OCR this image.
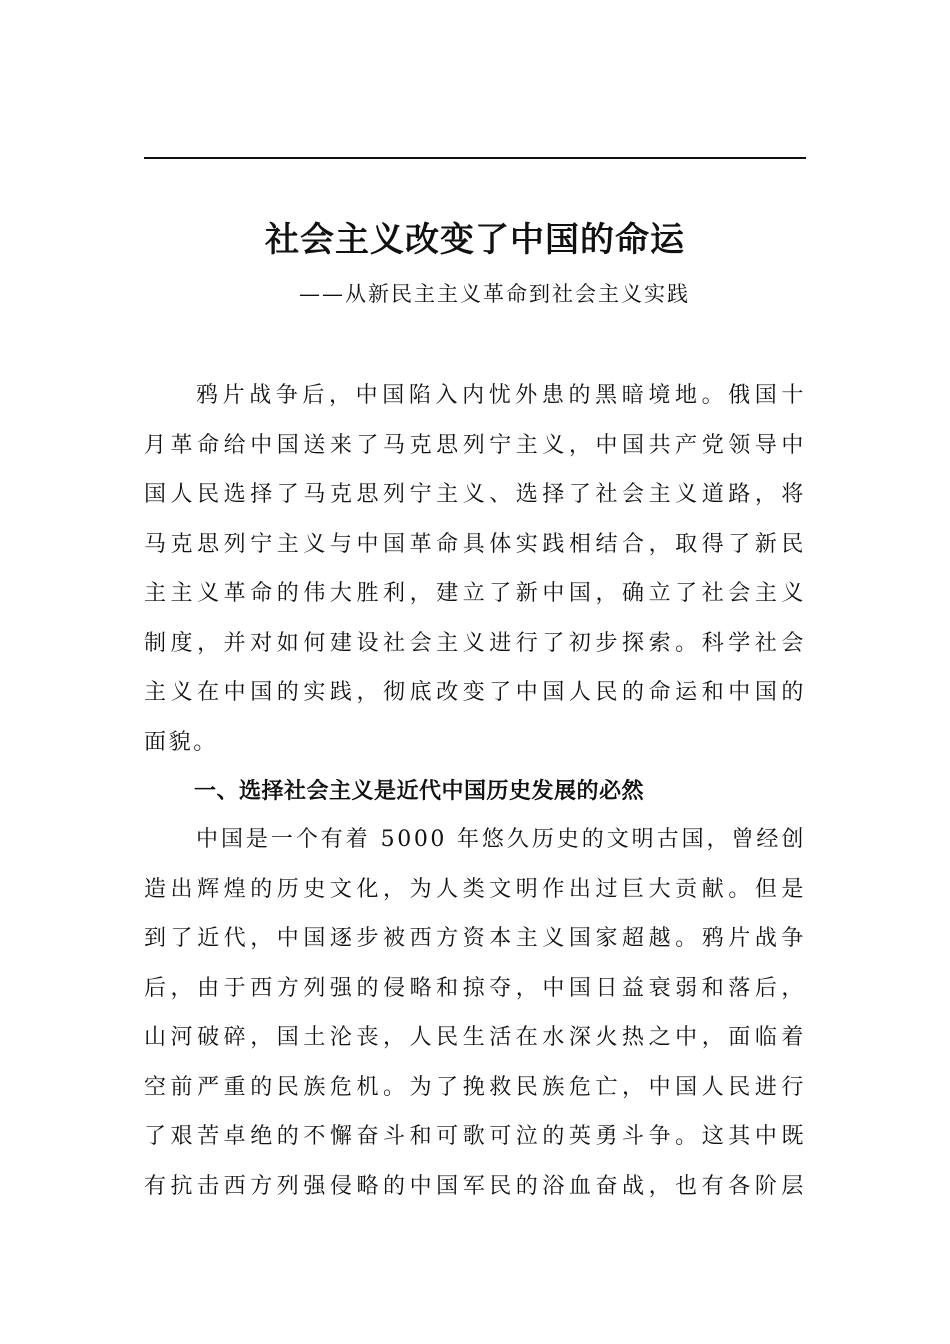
社会主义改变了中国的命运
——从新民主主义革命到社会主义实践
鸦片战争后，中国陷入内忧外患的黑暗境地。俄国十
月革命给中国送来了马克思列宁主义，中国共产党领导中
国人民选择了马克思列宁主义、选择了社会主义道路，将
马克思列宁主义与中国革命具体实践相结合，取得了新民
主主义革命的伟大胜利，建立了新中国，确立了社会主义
制度，并对如何建设社会主义进行了初步探索。科学社会
主义在中国的实践，彻底改变了中国人民的命运和中国的
面貌。
一、选择社会主义是近代中国历史发展的必然
中国是一个有着 5000 年悠久历史的文明古国，曾经创
造出辉煌的历史文化，为人类文明作出过巨大贡献。但是
到了近代，中国逐步被西方资本主义国家超越。鸦片战争
后，由于西方列强的侵略和掠夺，中国日益衰弱和落后，
山河破碎，国土沦丧，人民生活在水深火热之中，面临着
空前严重的民族危机。为了挽救民族危亡，中国人民进行
了艰苦卓绝的不懈奋斗和可歌可泣的英勇斗争。这其中既
有抗击西方列强侵略的中国军民的浴血奋战，也有各阶层
